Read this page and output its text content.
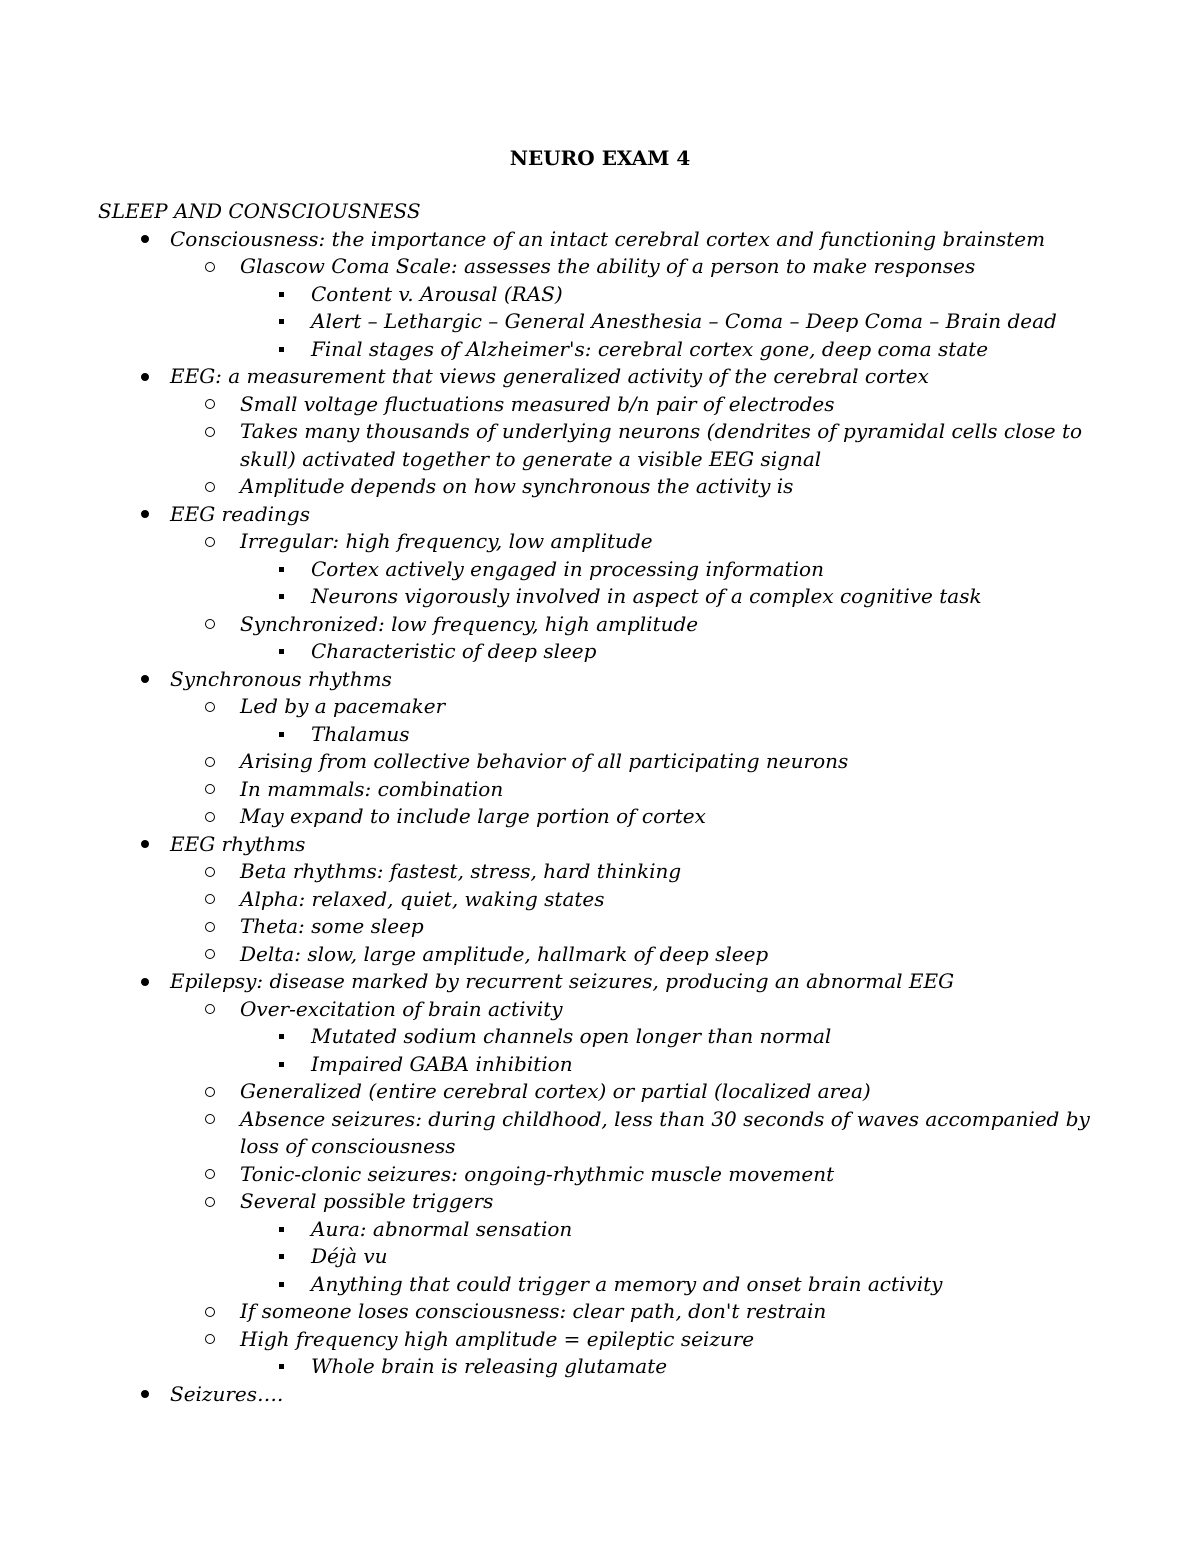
NEURO EXAM 4
SLEEP AND CONSCIOUSNESS
Consciousness: the importance of an intact cerebral cortex and functioning brainstem
Glascow Coma Scale: assesses the ability of a person to make responses
Content v. Arousal (RAS)
Alert – Lethargic – General Anesthesia – Coma – Deep Coma – Brain dead
Final stages of Alzheimer's: cerebral cortex gone, deep coma state
EEG: a measurement that views generalized activity of the cerebral cortex
Small voltage fluctuations measured b/n pair of electrodes
Takes many thousands of underlying neurons (dendrites of pyramidal cells close to skull) activated together to generate a visible EEG signal
Amplitude depends on how synchronous the activity is
EEG readings
Irregular: high frequency, low amplitude
Cortex actively engaged in processing information
Neurons vigorously involved in aspect of a complex cognitive task
Synchronized: low frequency, high amplitude
Characteristic of deep sleep
Synchronous rhythms
Led by a pacemaker
Thalamus
Arising from collective behavior of all participating neurons
In mammals: combination
May expand to include large portion of cortex
EEG rhythms
Beta rhythms: fastest, stress, hard thinking
Alpha: relaxed, quiet, waking states
Theta: some sleep
Delta: slow, large amplitude, hallmark of deep sleep
Epilepsy: disease marked by recurrent seizures, producing an abnormal EEG
Over-excitation of brain activity
Mutated sodium channels open longer than normal
Impaired GABA inhibition
Generalized (entire cerebral cortex) or partial (localized area)
Absence seizures: during childhood, less than 30 seconds of waves accompanied by loss of consciousness
Tonic-clonic seizures: ongoing-rhythmic muscle movement
Several possible triggers
Aura: abnormal sensation
Déjà vu
Anything that could trigger a memory and onset brain activity
If someone loses consciousness: clear path, don't restrain
High frequency high amplitude = epileptic seizure
Whole brain is releasing glutamate
Seizures….
